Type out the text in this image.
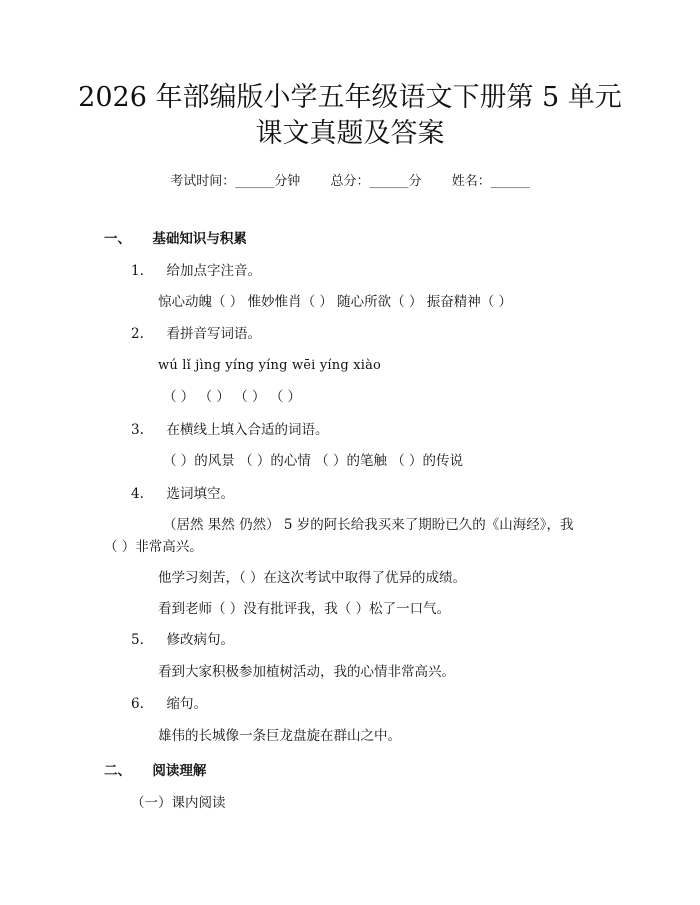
2026 年部编版小学五年级语文下册第 5 单元
课文真题及答案
考试时间：______分钟 总分：______分 姓名：______
一、 基础知识与积累
1. 给加点字注音。
惊心动魄（ ） 惟妙惟肖（ ） 随心所欲（ ） 振奋精神（ ）
2. 看拼音写词语。
wú lǐ jìng yíng yíng wēi yíng xiào
（ ） （ ） （ ） （ ）
3. 在横线上填入合适的词语。
（ ）的风景 （ ）的心情 （ ）的笔触 （ ）的传说
4. 选词填空。
（居然 果然 仍然） 5 岁的阿长给我买来了期盼已久的《山海经》，我
（ ）非常高兴。
他学习刻苦，（ ）在这次考试中取得了优异的成绩。
看到老师（ ）没有批评我，我（ ）松了一口气。
5. 修改病句。
看到大家积极参加植树活动，我的心情非常高兴。
6. 缩句。
雄伟的长城像一条巨龙盘旋在群山之中。
二、 阅读理解
（一）课内阅读
